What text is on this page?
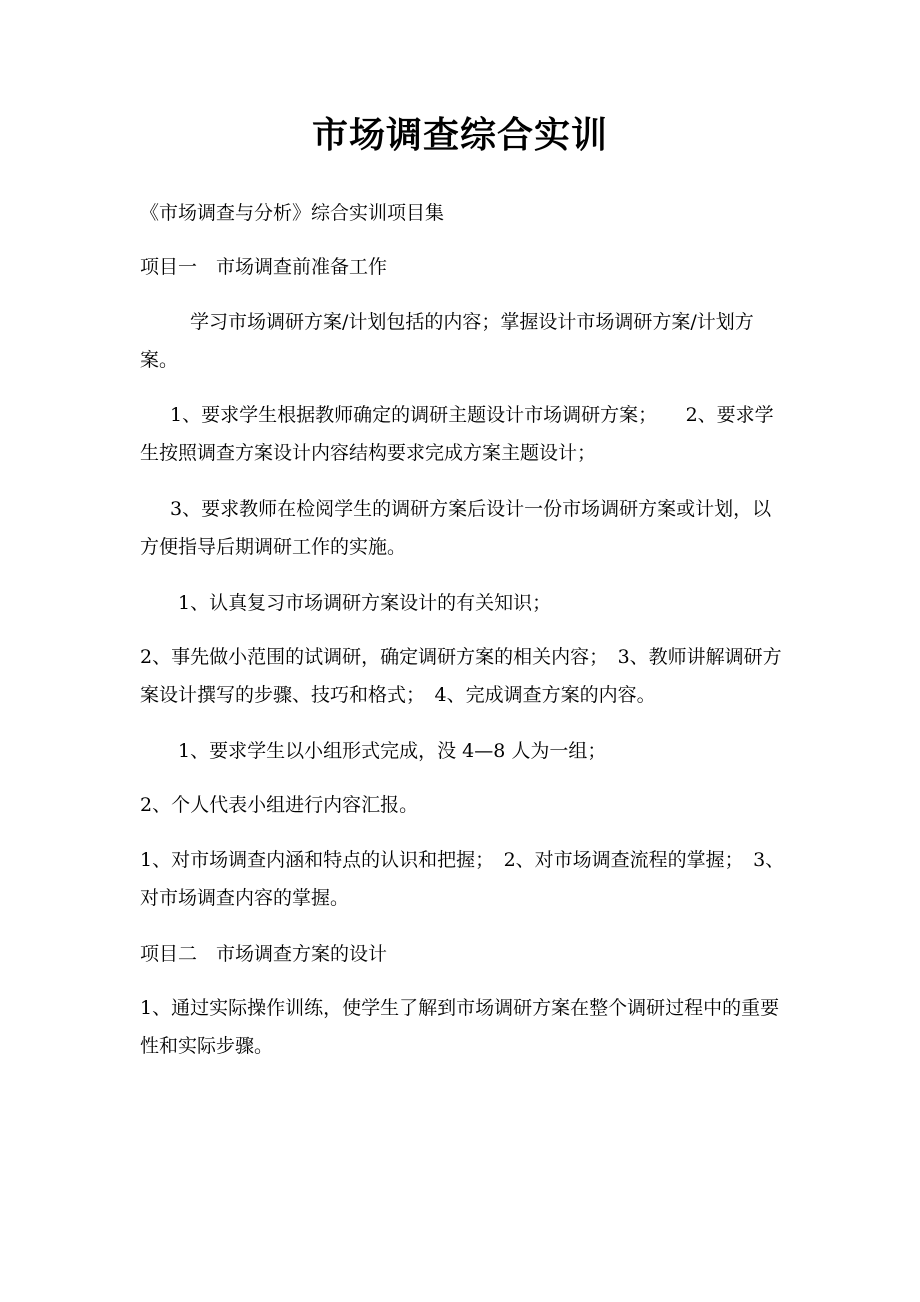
市场调查综合实训
《市场调查与分析》综合实训项目集
项目一　市场调查前准备工作
学习市场调研方案/计划包括的内容；掌握设计市场调研方案/计划方案。
1、要求学生根据教师确定的调研主题设计市场调研方案；　　2、要求学生按照调查方案设计内容结构要求完成方案主题设计；
3、要求教师在检阅学生的调研方案后设计一份市场调研方案或计划，以方便指导后期调研工作的实施。
1、认真复习市场调研方案设计的有关知识；
2、事先做小范围的试调研，确定调研方案的相关内容；　3、教师讲解调研方案设计撰写的步骤、技巧和格式；　4、完成调查方案的内容。
1、要求学生以小组形式完成，没 4—8 人为一组；
2、个人代表小组进行内容汇报。
1、对市场调查内涵和特点的认识和把握；　2、对市场调查流程的掌握；　3、对市场调查内容的掌握。
项目二　市场调查方案的设计
1、通过实际操作训练，使学生了解到市场调研方案在整个调研过程中的重要性和实际步骤。
